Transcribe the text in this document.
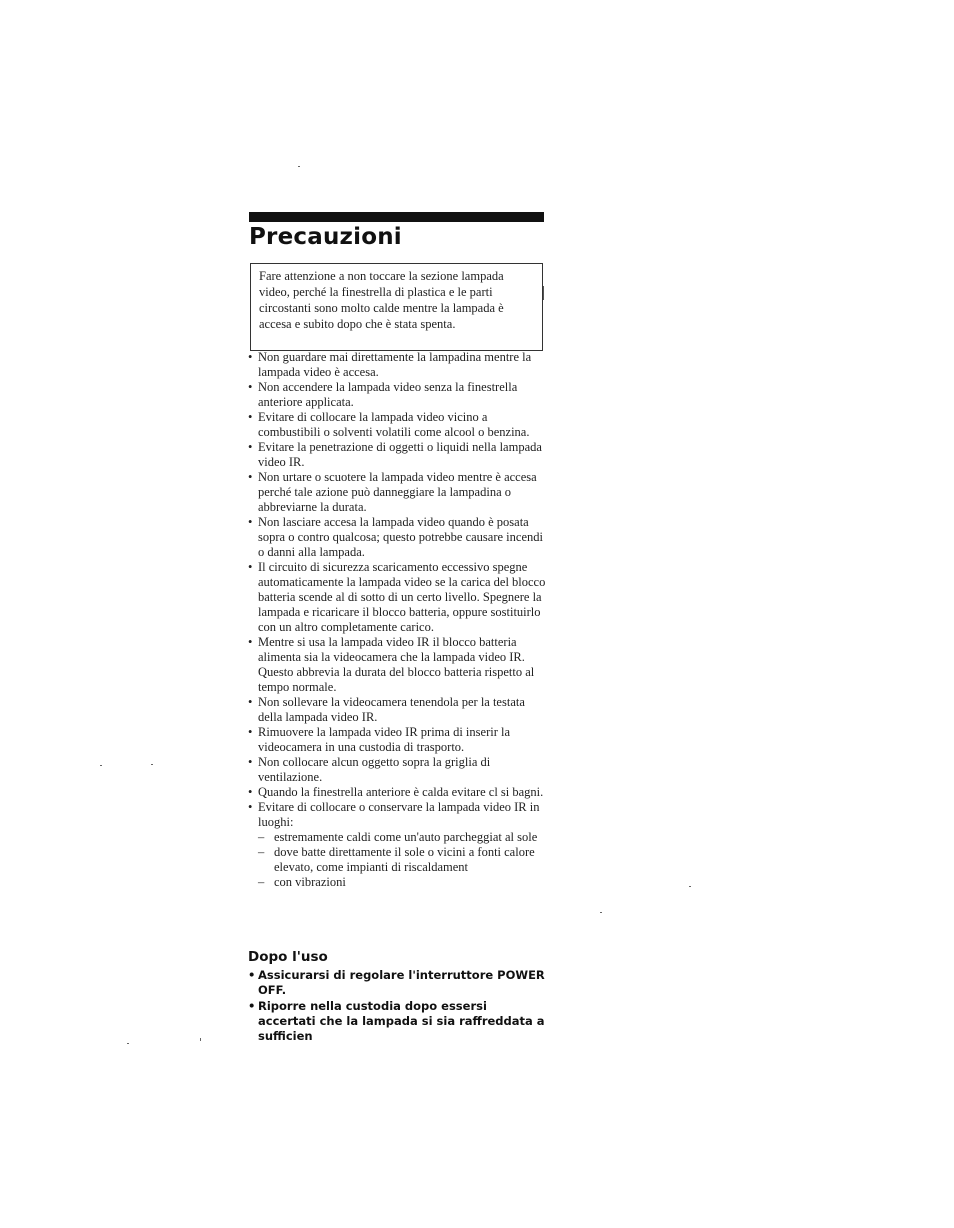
Precauzioni
Fare attenzione a non toccare la sezione lampada video, perché la finestrella di plastica e le parti circostanti sono molto calde mentre la lampada è accesa e subito dopo che è stata spenta.
• Non guardare mai direttamente la lampadina mentre la lampada video è accesa.
• Non accendere la lampada video senza la finestrella anteriore applicata.
• Evitare di collocare la lampada video vicino a combustibili o solventi volatili come alcool o benzina.
• Evitare la penetrazione di oggetti o liquidi nella lampada video IR.
• Non urtare o scuotere la lampada video mentre è accesa perché tale azione può danneggiare la lampadina o abbreviarne la durata.
• Non lasciare accesa la lampada video quando è posata sopra o contro qualcosa; questo potrebbe causare incendi o danni alla lampada.
• Il circuito di sicurezza scaricamento eccessivo spegne automaticamente la lampada video se la carica del blocco batteria scende al di sotto di un certo livello. Spegnere la lampada e ricaricare il blocco batteria, oppure sostituirlo con un altro completamente carico.
• Mentre si usa la lampada video IR il blocco batteria alimenta sia la videocamera che la lampada video IR. Questo abbrevia la durata del blocco batteria rispetto al tempo normale.
• Non sollevare la videocamera tenendola per la testata della lampada video IR.
• Rimuovere la lampada video IR prima di inserir la videocamera in una custodia di trasporto.
• Non collocare alcun oggetto sopra la griglia di ventilazione.
• Quando la finestrella anteriore è calda evitare cl si bagni.
• Evitare di collocare o conservare la lampada video IR in luoghi:
– estremamente caldi come un'auto parcheggiat al sole
– dove batte direttamente il sole o vicini a fonti calore elevato, come impianti di riscaldament
– con vibrazioni
Dopo l'uso
• Assicurarsi di regolare l'interruttore POWER OFF.
• Riporre nella custodia dopo essersi accertati che la lampada si sia raffreddata a sufficien
